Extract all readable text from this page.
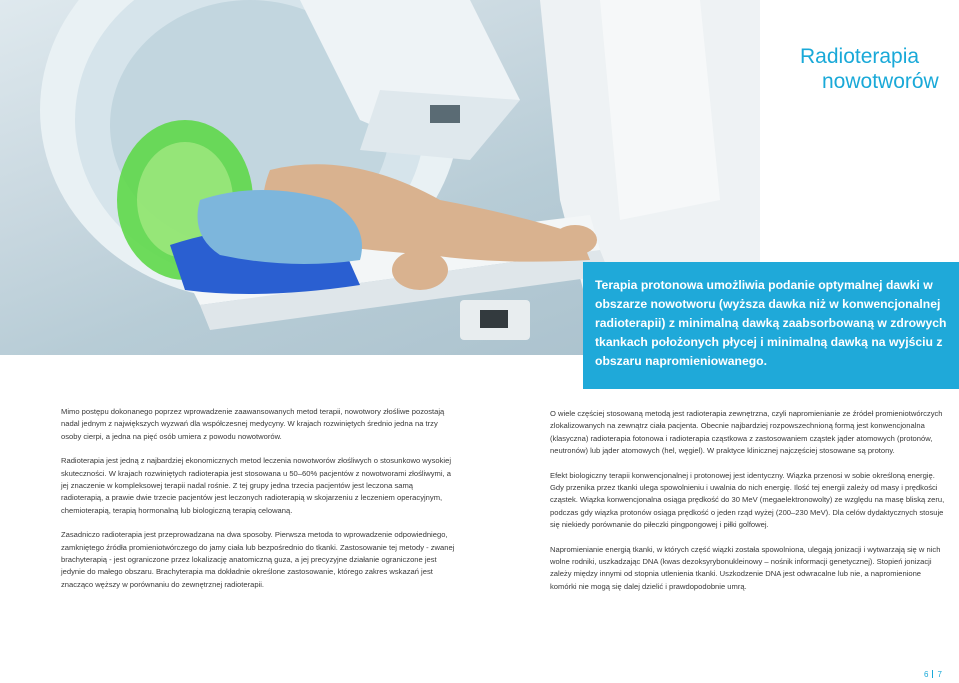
Radioterapia
nowotworów
Terapia protonowa umożliwia podanie optymalnej dawki w obszarze nowotworu (wyższa dawka niż w konwencjonalnej radioterapii) z minimalną dawką zaabsorbowaną w zdrowych tkankach położonych płycej i minimalną dawką na wyjściu z obszaru napromieniowanego.

Mimo postępu dokonanego poprzez wprowadzenie zaawansowanych metod terapii, nowotwory złośliwe pozostają nadal jednym z największych wyzwań dla współczesnej medycyny. W krajach rozwiniętych średnio jedna na trzy osoby cierpi, a jedna na pięć osób umiera z powodu nowotworów.

Radioterapia jest jedną z najbardziej ekonomicznych metod leczenia nowotworów złośliwych o stosunkowo wysokiej skuteczności. W krajach rozwiniętych radioterapia jest stosowana u 50–60% pacjentów z nowotworami złośliwymi, a jej znaczenie w kompleksowej terapii nadal rośnie. Z tej grupy jedna trzecia pacjentów jest leczona samą radioterapią, a prawie dwie trzecie pacjentów jest leczonych radioterapią w skojarzeniu z leczeniem operacyjnym, chemioterapią, terapią hormonalną lub biologiczną terapią celowaną.

Zasadniczo radioterapia jest przeprowadzana na dwa sposoby. Pierwsza metoda to wprowadzenie odpowiedniego, zamkniętego źródła promieniotwórczego do jamy ciała lub bezpośrednio do tkanki. Zastosowanie tej metody - zwanej brachyterapią - jest ograniczone przez lokalizację anatomiczną guza, a jej precyzyjne działanie ograniczone jest jedynie do małego obszaru. Brachyterapia ma dokładnie określone zastosowanie, którego zakres wskazań jest znacząco węższy w porównaniu do zewnętrznej radioterapii.

O wiele częściej stosowaną metodą jest radioterapia zewnętrzna, czyli napromienianie ze źródeł promieniotwórczych zlokalizowanych na zewnątrz ciała pacjenta. Obecnie najbardziej rozpowszechnioną formą jest konwencjonalna (klasyczna) radioterapia fotonowa i radioterapia cząstkowa z zastosowaniem cząstek jąder atomowych (protonów, neutronów) lub jąder atomowych (hel, węgiel). W praktyce klinicznej najczęściej stosowane są protony.

Efekt biologiczny terapii konwencjonalnej i protonowej jest identyczny. Wiązka przenosi w sobie określoną energię. Gdy przenika przez tkanki ulega spowolnieniu i uwalnia do nich energię. Ilość tej energii zależy od masy i prędkości cząstek. Wiązka konwencjonalna osiąga prędkość do 30 MeV (megaelektronowolty) ze względu na masę bliską zeru, podczas gdy wiązka protonów osiąga prędkość o jeden rząd wyżej (200–230 MeV). Dla celów dydaktycznych stosuje się niekiedy porównanie do piłeczki pingpongowej i piłki golfowej.

Napromienianie energią tkanki, w których część wiązki została spowolniona, ulegają jonizacji i wytwarzają się w nich wolne rodniki, uszkadzając DNA (kwas dezoksyrybonukleinowy – nośnik informacji genetycznej). Stopień jonizacji zależy między innymi od stopnia utlenienia tkanki. Uszkodzenie DNA jest odwracalne lub nie, a napromienione komórki nie mogą się dalej dzielić i prawdopodobnie umrą.

6 7
